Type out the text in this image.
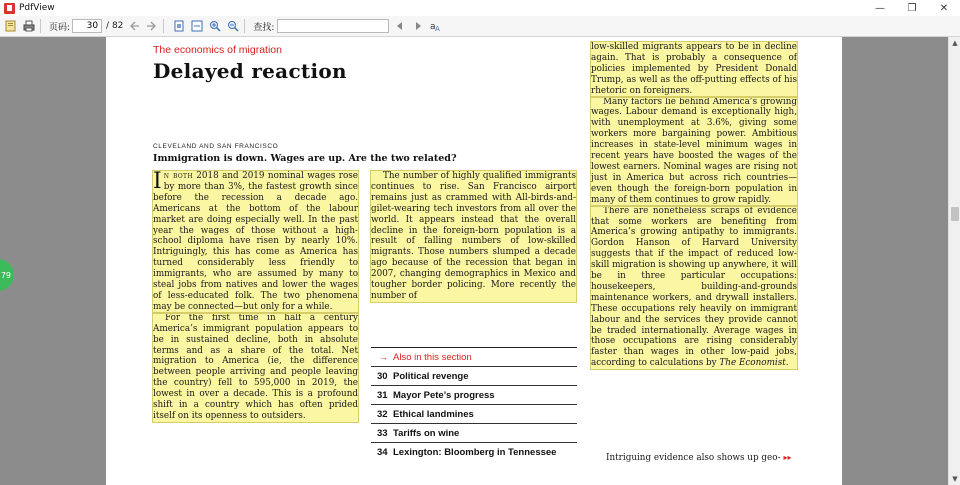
PdfView	—	❐	✕
页码:
30	/ 82	查找:	a A
79
The economics of migration
Delayed reaction
CLEVELAND AND SAN FRANCISCO
Immigration is down. Wages are up. Are the two related?

In both 2018 and 2019 nominal wages rose by more than 3%, the fastest growth since before the recession a decade ago. Americans at the bottom of the labour market are doing especially well. In the past year the wages of those without a high-school diploma have risen by nearly 10%. Intriguingly, this has come as America has turned considerably less friendly to immigrants, who are assumed by many to steal jobs from natives and lower the wages of less-educated folk. The two phenomena may be connected—but only for a while.

For the first time in half a century America’s immigrant population appears to be in sustained decline, both in absolute terms and as a share of the total. Net migration to America (ie, the difference between people arriving and people leaving the country) fell to 595,000 in 2019, the lowest in over a decade. This is a profound shift in a country which has often prided itself on its openness to outsiders.

The number of highly qualified immigrants continues to rise. San Francisco airport remains just as crammed with All-birds-and-gilet-wearing tech investors from all over the world. It appears instead that the overall decline in the foreign-born population is a result of falling numbers of low-skilled migrants. Those numbers slumped a decade ago because of the recession that began in 2007, changing demographics in Mexico and tougher border policing. More recently the number of

→ Also in this section
30 Political revenge
31 Mayor Pete’s progress
32 Ethical landmines
33 Tariffs on wine
34 Lexington: Bloomberg in Tennessee

low-skilled migrants appears to be in decline again. That is probably a consequence of policies implemented by President Donald Trump, as well as the off-putting effects of his rhetoric on foreigners.

Many factors lie behind America’s growing wages. Labour demand is exceptionally high, with unemployment at 3.6%, giving some workers more bargaining power. Ambitious increases in state-level minimum wages in recent years have boosted the wages of the lowest earners. Nominal wages are rising not just in America but across rich countries—even though the foreign-born population in many of them continues to grow rapidly.

There are nonetheless scraps of evidence that some workers are benefiting from America’s growing antipathy to immigrants. Gordon Hanson of Harvard University suggests that if the impact of reduced low-skill migration is showing up anywhere, it will be in three particular occupations: housekeepers, building-and-grounds maintenance workers, and drywall installers. These occupations rely heavily on immigrant labour and the services they provide cannot be traded internationally. Average wages in those occupations are rising considerably faster than wages in other low-paid jobs, according to calculations by The Economist.

Intriguing evidence also shows up geo- ▸▸
▲
▼
